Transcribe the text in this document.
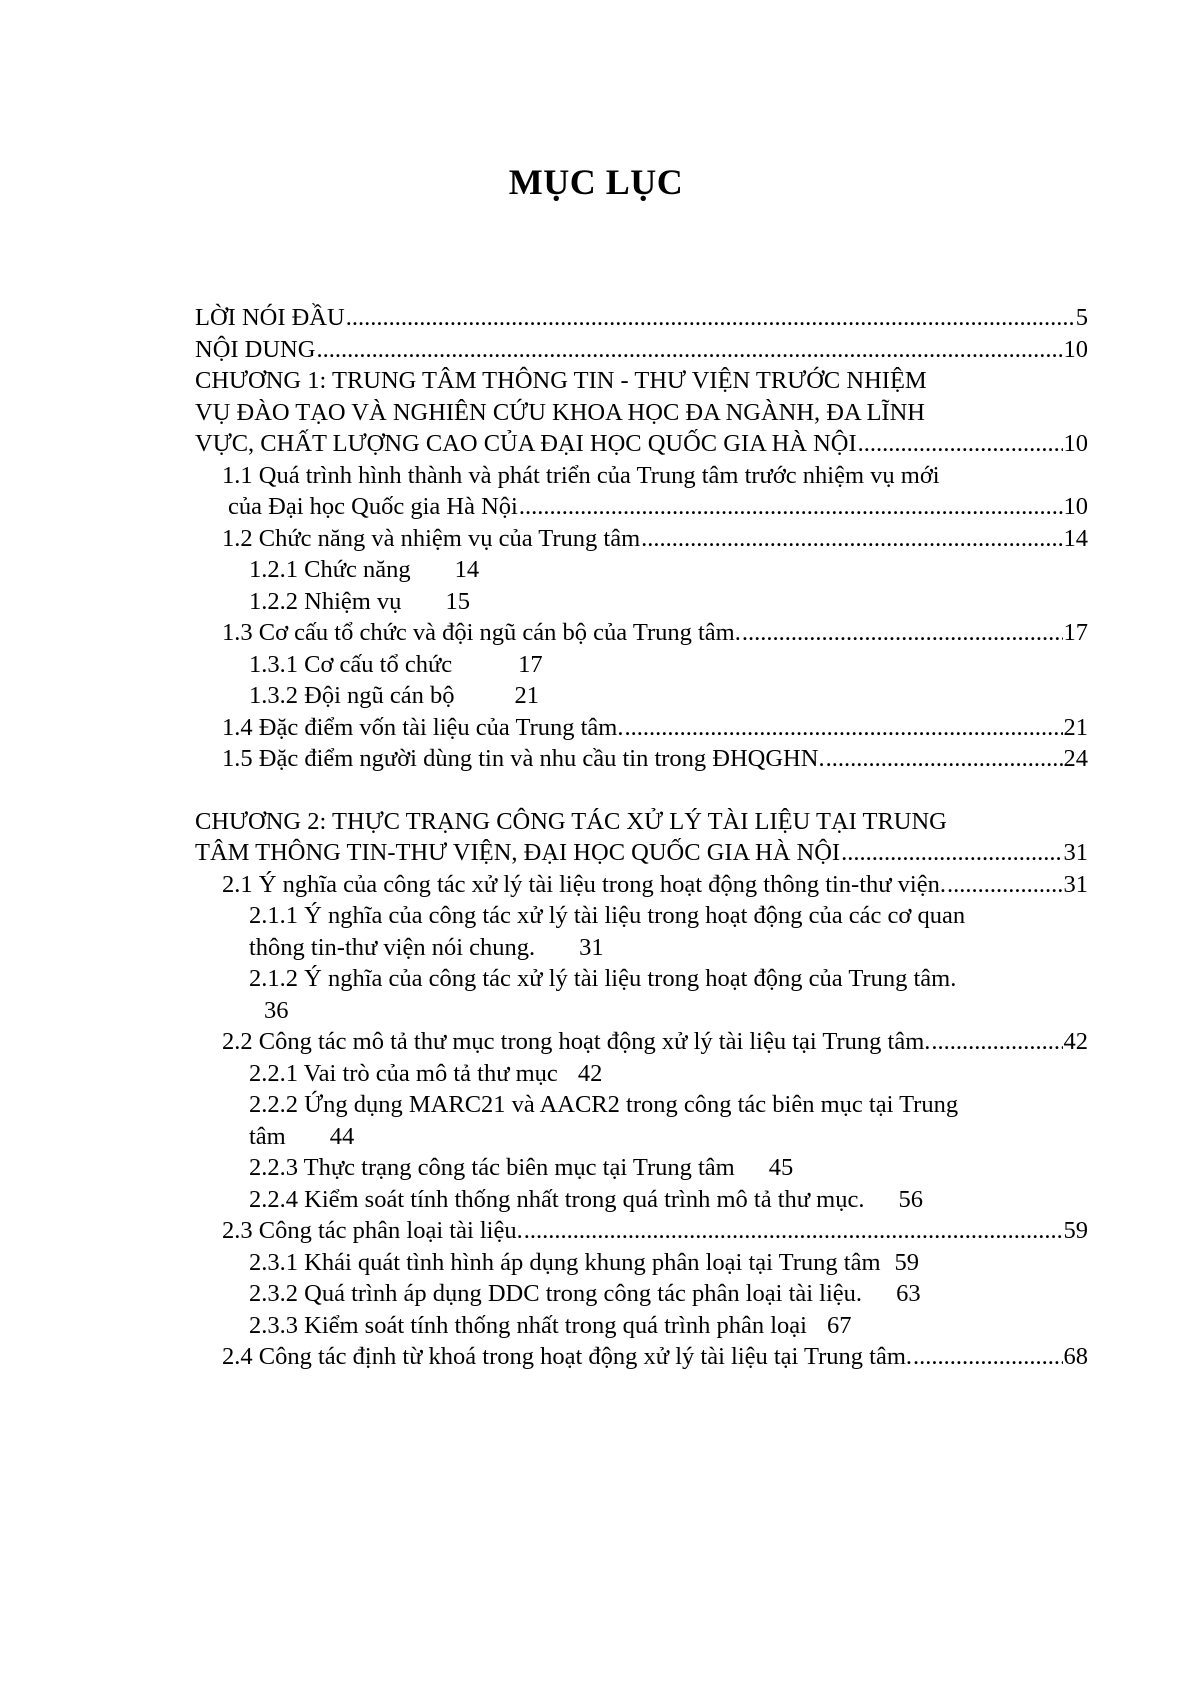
MỤC LỤC
LỜI NÓI ĐẦU .....	5
NỘI DUNG .....	10
CHƯƠNG 1: TRUNG TÂM THÔNG TIN - THƯ VIỆN TRƯỚC NHIỆM
VỤ ĐÀO TẠO VÀ NGHIÊN CỨU KHOA HỌC ĐA NGÀNH, ĐA LĨNH
VỰC, CHẤT LƯỢNG CAO CỦA ĐẠI HỌC QUỐC GIA HÀ NỘI .....	10
1.1 Quá trình hình thành và phát triển của Trung tâm trước nhiệm vụ mới
của Đại học Quốc gia Hà Nội .....	10
1.2 Chức năng và nhiệm vụ của Trung tâm .....	14
1.2.1 Chức năng 14
1.2.2 Nhiệm vụ 15
1.3 Cơ cấu tổ chức và đội ngũ cán bộ của Trung tâm. .....	17
1.3.1 Cơ cấu tổ chức	17
1.3.2 Đội ngũ cán bộ 21
1.4 Đặc điểm vốn tài liệu của Trung tâm. .....	21
1.5 Đặc điểm người dùng tin và nhu cầu tin trong ĐHQGHN. .....	24
CHƯƠNG 2: THỰC TRẠNG CÔNG TÁC XỬ LÝ TÀI LIỆU TẠI TRUNG
TÂM THÔNG TIN-THƯ VIỆN, ĐẠI HỌC QUỐC GIA HÀ NỘI .....	31
2.1 Ý nghĩa của công tác xử lý tài liệu trong hoạt động thông tin-thư viện. .....	31
2.1.1 Ý nghĩa của công tác xử lý tài liệu trong hoạt động của các cơ quan
thông tin-thư viện nói chung. 31
2.1.2 Ý nghĩa của công tác xử lý tài liệu trong hoạt động của Trung tâm.
36
2.2 Công tác mô tả thư mục trong hoạt động xử lý tài liệu tại Trung tâm. .....	42
2.2.1 Vai trò của mô tả thư mục 42
2.2.2 Ứng dụng MARC21 và AACR2 trong công tác biên mục tại Trung
tâm 44
2.2.3 Thực trạng công tác biên mục tại Trung tâm 45
2.2.4 Kiểm soát tính thống nhất trong quá trình mô tả thư mục. 56
2.3 Công tác phân loại tài liệu. .....	59
2.3.1 Khái quát tình hình áp dụng khung phân loại tại Trung tâm 59
2.3.2 Quá trình áp dụng DDC trong công tác phân loại tài liệu. 63
2.3.3 Kiểm soát tính thống nhất trong quá trình phân loại 67
2.4 Công tác định từ khoá trong hoạt động xử lý tài liệu tại Trung tâm. .....	68
